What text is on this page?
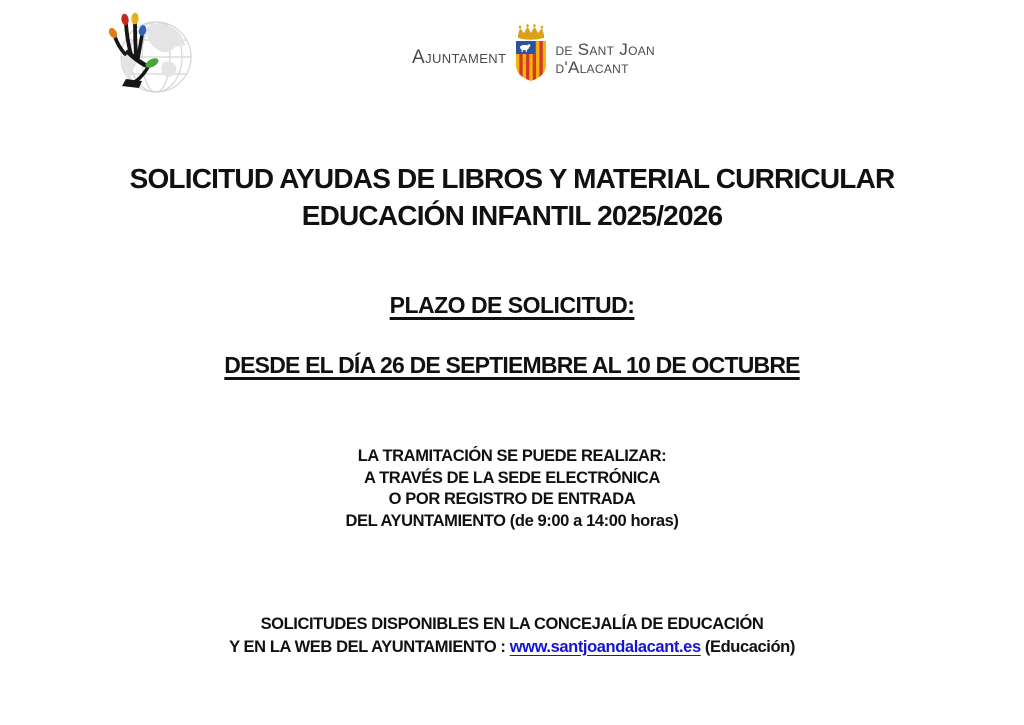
Ajuntament	de Sant Joan
d'Alacant
SOLICITUD AYUDAS DE LIBROS Y MATERIAL CURRICULAR
EDUCACIÓN INFANTIL 2025/2026
PLAZO DE SOLICITUD:
DESDE EL DÍA 26 DE SEPTIEMBRE AL 10 DE OCTUBRE
LA TRAMITACIÓN SE PUEDE REALIZAR:
A TRAVÉS DE LA SEDE ELECTRÓNICA
O POR REGISTRO DE ENTRADA
DEL AYUNTAMIENTO (de 9:00 a 14:00 horas)
SOLICITUDES DISPONIBLES EN LA CONCEJALÍA DE EDUCACIÓN
Y EN LA WEB DEL AYUNTAMIENTO : www.santjoandalacant.es (Educación)
